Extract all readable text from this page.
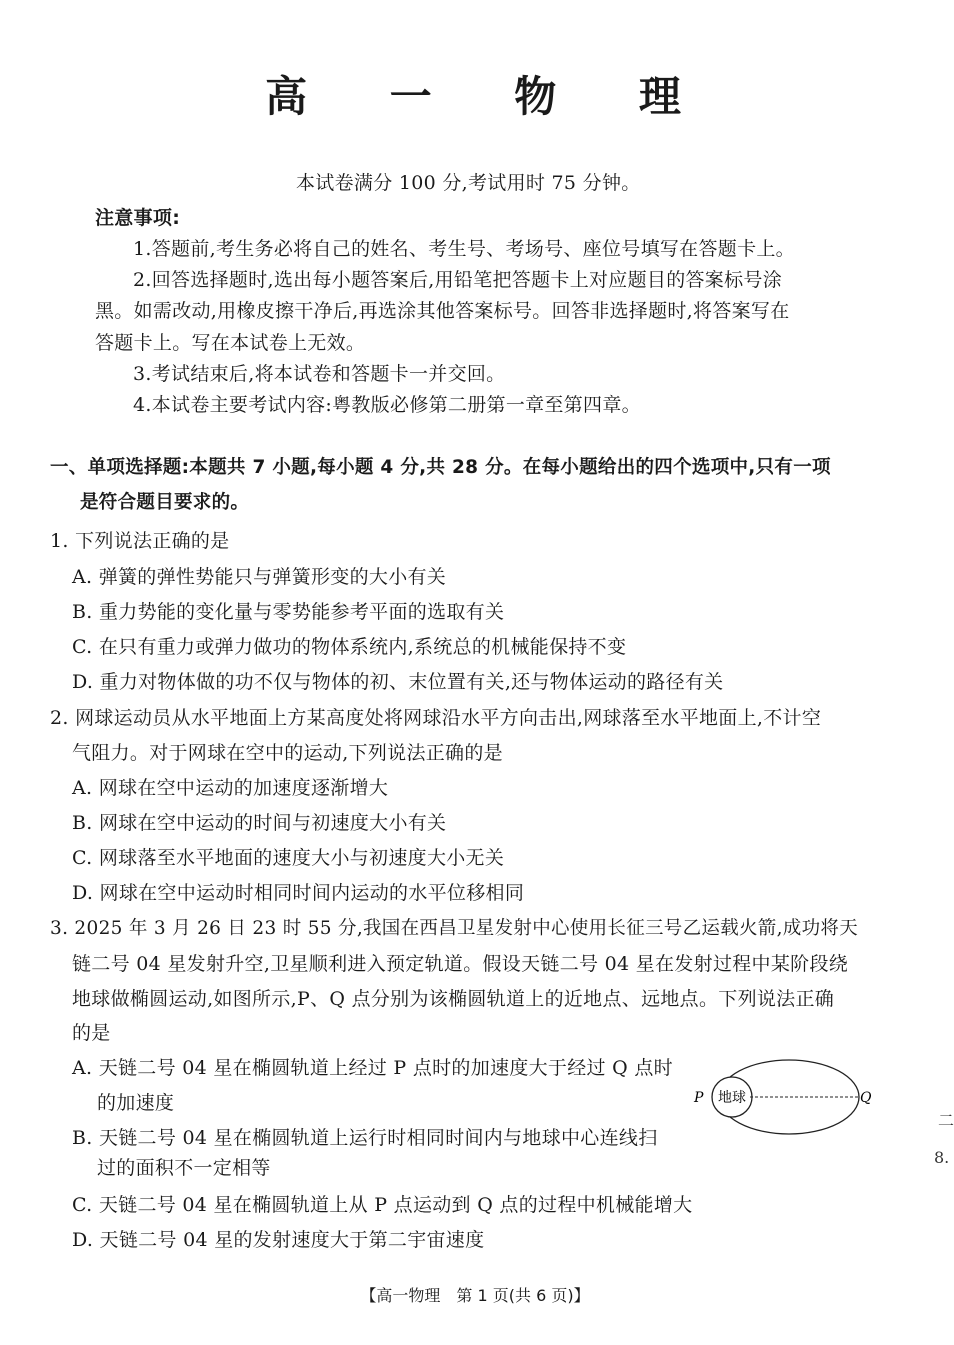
高 一 物 理
本试卷满分 100 分,考试用时 75 分钟。
注意事项:
1.答题前,考生务必将自己的姓名、考生号、考场号、座位号填写在答题卡上。
2.回答选择题时,选出每小题答案后,用铅笔把答题卡上对应题目的答案标号涂
黑。如需改动,用橡皮擦干净后,再选涂其他答案标号。回答非选择题时,将答案写在
答题卡上。写在本试卷上无效。
3.考试结束后,将本试卷和答题卡一并交回。
4.本试卷主要考试内容:粤教版必修第二册第一章至第四章。
一、单项选择题:本题共 7 小题,每小题 4 分,共 28 分。在每小题给出的四个选项中,只有一项
是符合题目要求的。
1. 下列说法正确的是
A. 弹簧的弹性势能只与弹簧形变的大小有关
B. 重力势能的变化量与零势能参考平面的选取有关
C. 在只有重力或弹力做功的物体系统内,系统总的机械能保持不变
D. 重力对物体做的功不仅与物体的初、末位置有关,还与物体运动的路径有关
2. 网球运动员从水平地面上方某高度处将网球沿水平方向击出,网球落至水平地面上,不计空
气阻力。对于网球在空中的运动,下列说法正确的是
A. 网球在空中运动的加速度逐渐增大
B. 网球在空中运动的时间与初速度大小有关
C. 网球落至水平地面的速度大小与初速度大小无关
D. 网球在空中运动时相同时间内运动的水平位移相同
3. 2025 年 3 月 26 日 23 时 55 分,我国在西昌卫星发射中心使用长征三号乙运载火箭,成功将天
链二号 04 星发射升空,卫星顺利进入预定轨道。假设天链二号 04 星在发射过程中某阶段绕
地球做椭圆运动,如图所示,P、Q 点分别为该椭圆轨道上的近地点、远地点。下列说法正确
的是
A. 天链二号 04 星在椭圆轨道上经过 P 点时的加速度大于经过 Q 点时
的加速度
B. 天链二号 04 星在椭圆轨道上运行时相同时间内与地球中心连线扫
过的面积不一定相等
C. 天链二号 04 星在椭圆轨道上从 P 点运动到 Q 点的过程中机械能增大
D. 天链二号 04 星的发射速度大于第二宇宙速度
地球
P	Q
二
8.
【高一物理　第 1 页(共 6 页)】
